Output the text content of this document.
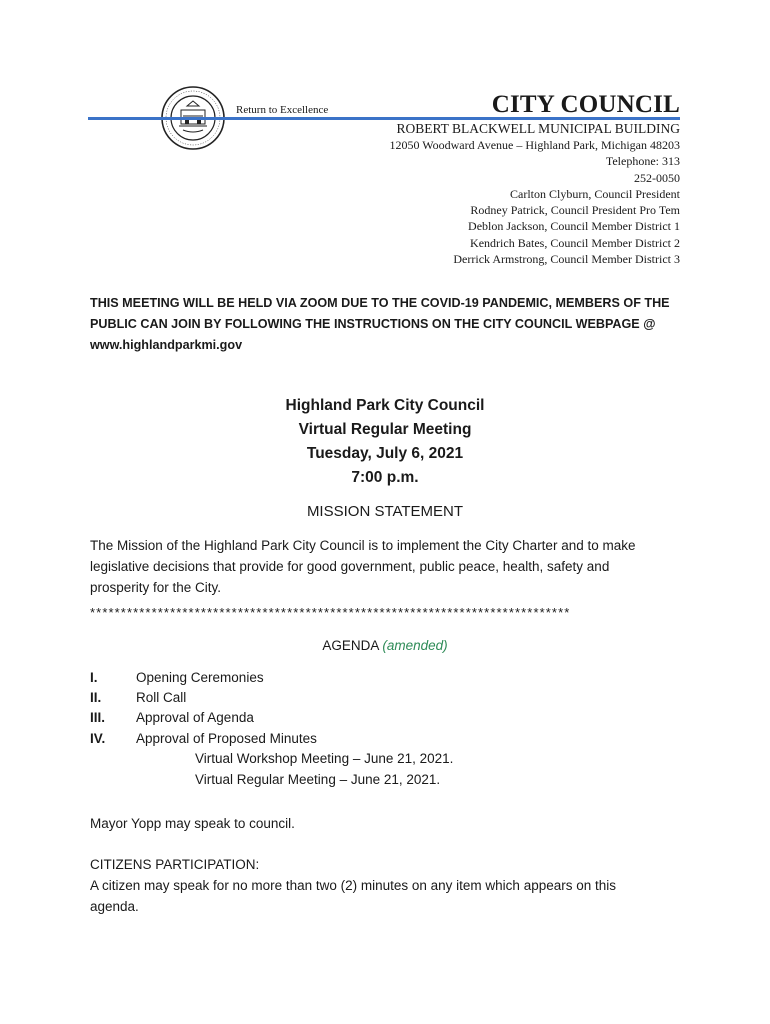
Return to Excellence	CITY COUNCIL
ROBERT BLACKWELL MUNICIPAL BUILDING
12050 Woodward Avenue – Highland Park, Michigan 48203
Telephone: 313
252-0050
Carlton Clyburn, Council President
Rodney Patrick, Council President Pro Tem
Deblon Jackson, Council Member District 1
Kendrich Bates, Council Member District 2
Derrick Armstrong, Council Member District 3
THIS MEETING WILL BE HELD VIA ZOOM DUE TO THE COVID-19 PANDEMIC, MEMBERS OF THE
PUBLIC CAN JOIN BY FOLLOWING THE INSTRUCTIONS ON THE CITY COUNCIL WEBPAGE @
www.highlandparkmi.gov
Highland Park City Council
Virtual Regular Meeting
Tuesday, July 6, 2021
7:00 p.m.
MISSION STATEMENT
The Mission of the Highland Park City Council is to implement the City Charter and to make
legislative decisions that provide for good government, public peace, health, safety and
prosperity for the City.
******************************************************************************
AGENDA (amended)
I.	Opening Ceremonies
II.	Roll Call
III. Approval of Agenda
IV. Approval of Proposed Minutes
Virtual Workshop Meeting – June 21, 2021.
Virtual Regular Meeting – June 21, 2021.
Mayor Yopp may speak to council.
CITIZENS PARTICIPATION:
A citizen may speak for no more than two (2) minutes on any item which appears on this
agenda.
